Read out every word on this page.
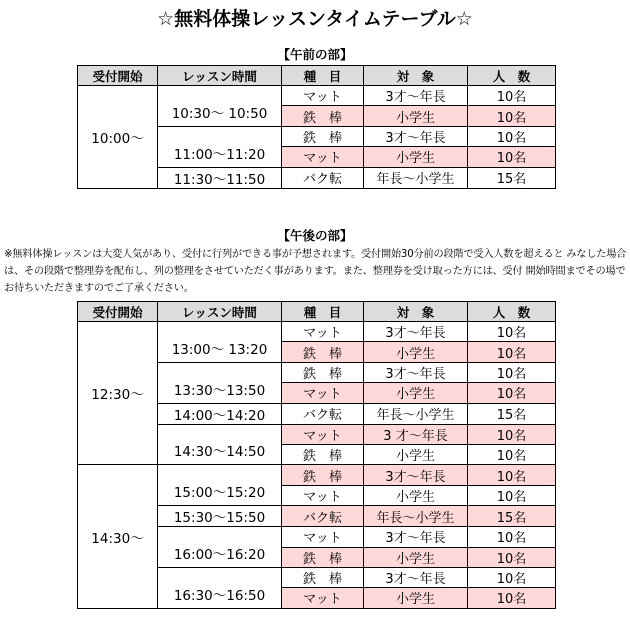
☆無料体操レッスンタイムテーブル☆
【午前の部】
受付開始	レッスン時間	種　目	対　象	人　数
10:00〜	10:30〜 10:50	マット	3才〜年長	10名
		鉄　棒	小学生	10名
	11:00〜11:20	鉄　棒	3才〜年長	10名
		マット	小学生	10名
	11:30〜11:50	バク転	年長〜小学生	15名
【午後の部】
※無料体操レッスンは大変人気があり、受付に行列ができる事が予想されます。受付開始30分前の段階で受入人数を超えると みなした場合は、その段階で整理券を配布し、列の整理をさせていただく事があります。また、整理券を受け取った方には、受付 開始時間までその場でお待ちいただきますのでご了承ください。
受付開始	レッスン時間	種　目	対　象	人　数
12:30〜	13:00〜 13:20	マット	3才〜年長	10名
		鉄　棒	小学生	10名
	13:30〜13:50	鉄　棒	3才〜年長	10名
		マット	小学生	10名
	14:00〜14:20	バク転	年長〜小学生	15名
	14:30〜14:50	マット	3 才〜年長	10名
		鉄　棒	小学生	10名
14:30〜	15:00〜15:20	鉄　棒	3才〜年長	10名
		マット	小学生	10名
	15:30〜15:50	バク転	年長〜小学生	15名
	16:00〜16:20	マット	3才〜年長	10名
		鉄　棒	小学生	10名
	16:30〜16:50	鉄　棒	3才〜年長	10名
		マット	小学生	10名
